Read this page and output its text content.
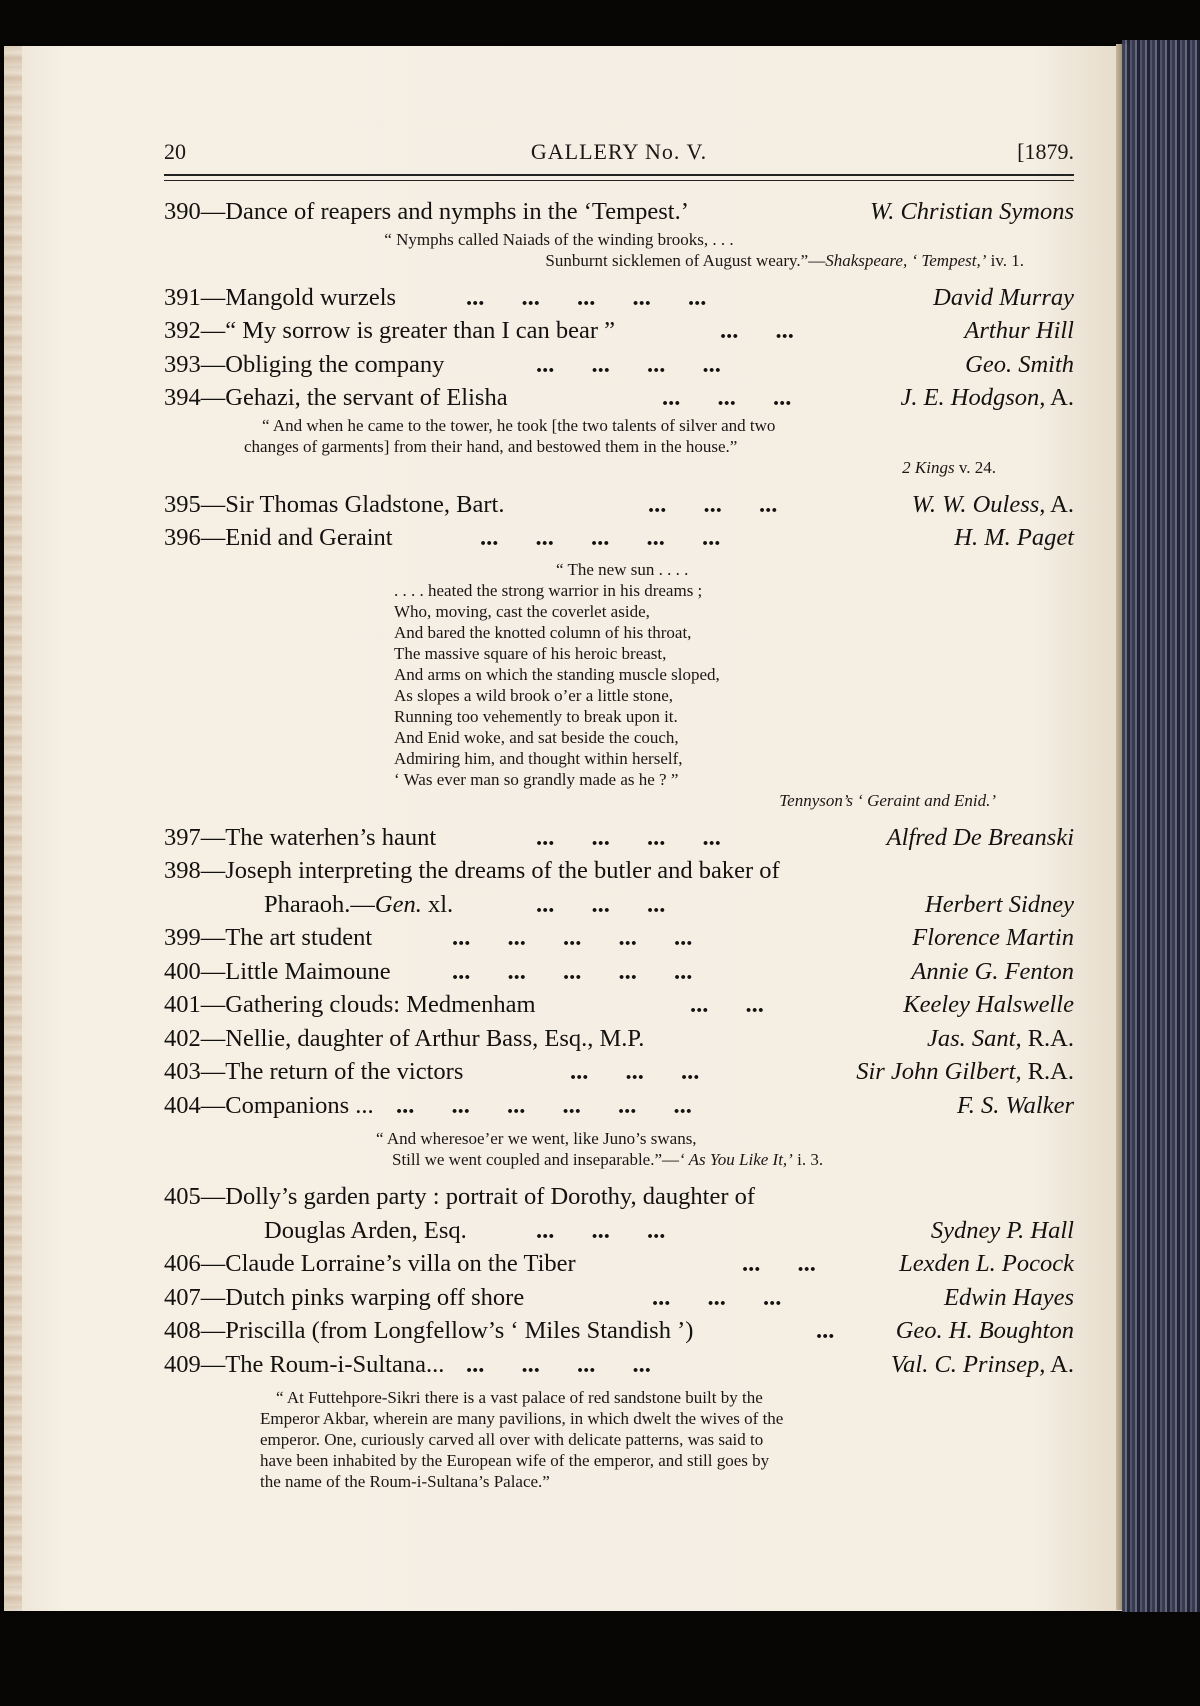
20	GALLERY No. V.	[1879.
390—Dance of reapers and nymphs in the ‘Tempest.’	W. Christian Symons
“ Nymphs called Naiads of the winding brooks, . . .
Sunburnt sicklemen of August weary.”—Shakspeare, ‘ Tempest,’ iv. 1.
391—Mangold wurzels	... ... ... ... ...	David Murray
392—“ My sorrow is greater than I can bear ”	... ...	Arthur Hill
393—Obliging the company	... ... ... ...	Geo. Smith
394—Gehazi, the servant of Elisha	... ... ...	J. E. Hodgson, A.
“ And when he came to the tower, he took [the two talents of silver and two
changes of garments] from their hand, and bestowed them in the house.”
2 Kings v. 24.
395—Sir Thomas Gladstone, Bart.	... ... ...	W. W. Ouless, A.
396—Enid and Geraint	... ... ... ... ...	H. M. Paget
“ The new sun . . . .
. . . . heated the strong warrior in his dreams ;
Who, moving, cast the coverlet aside,
And bared the knotted column of his throat,
The massive square of his heroic breast,
And arms on which the standing muscle sloped,
As slopes a wild brook o’er a little stone,
Running too vehemently to break upon it.
And Enid woke, and sat beside the couch,
Admiring him, and thought within herself,
‘ Was ever man so grandly made as he ? ”
Tennyson’s ‘ Geraint and Enid.’
397—The waterhen’s haunt	... ... ... ...	Alfred De Breanski
398—Joseph interpreting the dreams of the butler and baker of
Pharaoh.—Gen. xl.	... ... ...	Herbert Sidney
399—The art student	... ... ... ... ...	Florence Martin
400—Little Maimoune	... ... ... ... ...	Annie G. Fenton
401—Gathering clouds: Medmenham	... ...	Keeley Halswelle
402—Nellie, daughter of Arthur Bass, Esq., M.P.	Jas. Sant, R.A.
403—The return of the victors	... ... ...	Sir John Gilbert, R.A.
404—Companions ... ... ... ... ... ... ...	F. S. Walker
“ And wheresoe’er we went, like Juno’s swans,
Still we went coupled and inseparable.”—‘ As You Like It,’ i. 3.
405—Dolly’s garden party : portrait of Dorothy, daughter of
Douglas Arden, Esq.	... ... ...	Sydney P. Hall
406—Claude Lorraine’s villa on the Tiber	... ...	Lexden L. Pocock
407—Dutch pinks warping off shore	... ... ...	Edwin Hayes
408—Priscilla (from Longfellow’s ‘ Miles Standish ’)	...	Geo. H. Boughton
409—The Roum-i-Sultana... ... ... ... ...	Val. C. Prinsep, A.
“ At Futtehpore-Sikri there is a vast palace of red sandstone built by the
Emperor Akbar, wherein are many pavilions, in which dwelt the wives of the
emperor. One, curiously carved all over with delicate patterns, was said to
have been inhabited by the European wife of the emperor, and still goes by
the name of the Roum-i-Sultana’s Palace.”
